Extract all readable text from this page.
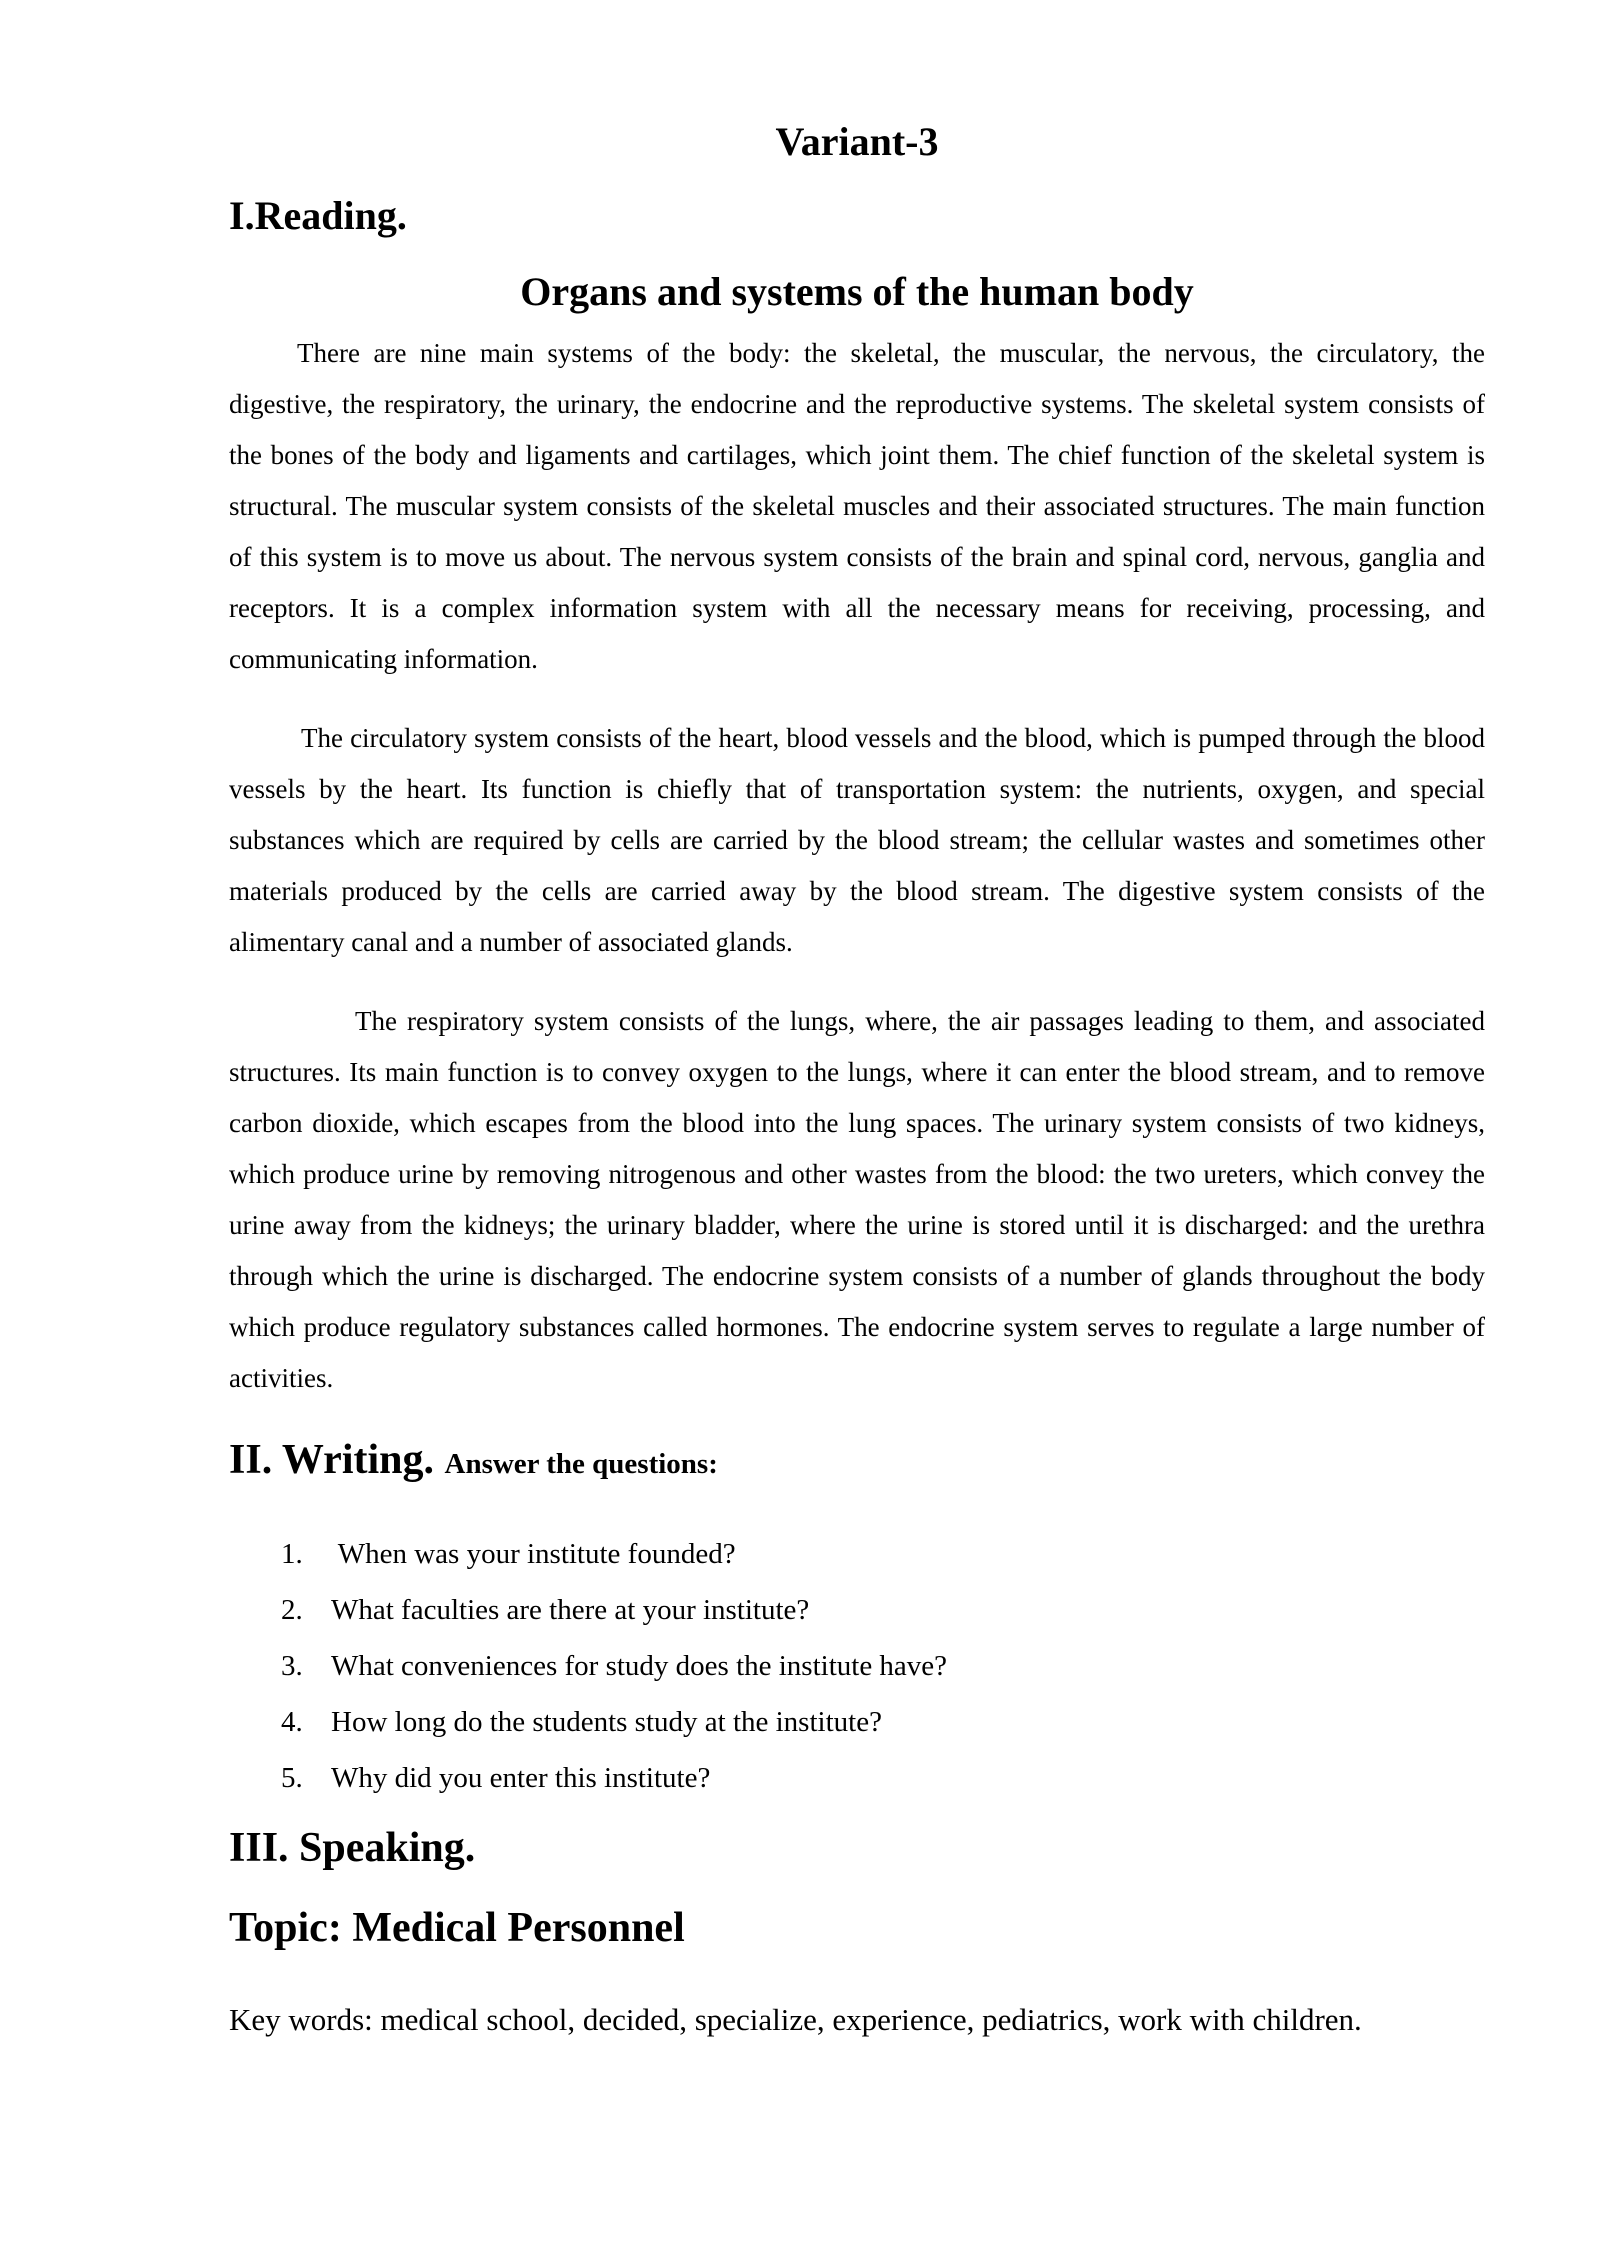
Variant-3
I.Reading.
Organs and systems of the human body

There are nine main systems of the body: the skeletal, the muscular, the nervous, the circulatory, the digestive, the respiratory, the urinary, the endocrine and the reproductive systems. The skeletal system consists of the bones of the body and ligaments and cartilages, which joint them. The chief function of the skeletal system is structural. The muscular system consists of the skeletal muscles and their associated structures. The main function of this system is to move us about. The nervous system consists of the brain and spinal cord, nervous, ganglia and receptors. It is a complex information system with all the necessary means for receiving, processing, and communicating information.

The circulatory system consists of the heart, blood vessels and the blood, which is pumped through the blood vessels by the heart. Its function is chiefly that of transportation system: the nutrients, oxygen, and special substances which are required by cells are carried by the blood stream; the cellular wastes and sometimes other materials produced by the cells are carried away by the blood stream. The digestive system consists of the alimentary canal and a number of associated glands.

The respiratory system consists of the lungs, where, the air passages leading to them, and associated structures. Its main function is to convey oxygen to the lungs, where it can enter the blood stream, and to remove carbon dioxide, which escapes from the blood into the lung spaces. The urinary system consists of two kidneys, which produce urine by removing nitrogenous and other wastes from the blood: the two ureters, which convey the urine away from the kidneys; the urinary bladder, where the urine is stored until it is discharged: and the urethra through which the urine is discharged. The endocrine system consists of a number of glands throughout the body which produce regulatory substances called hormones. The endocrine system serves to regulate a large number of activities.

II. Writing. Answer the questions:
1. When was your institute founded?
2. What faculties are there at your institute?
3. What conveniences for study does the institute have?
4. How long do the students study at the institute?
5. Why did you enter this institute?
III. Speaking.
Topic: Medical Personnel

Key words: medical school, decided, specialize, experience, pediatrics, work with children.
